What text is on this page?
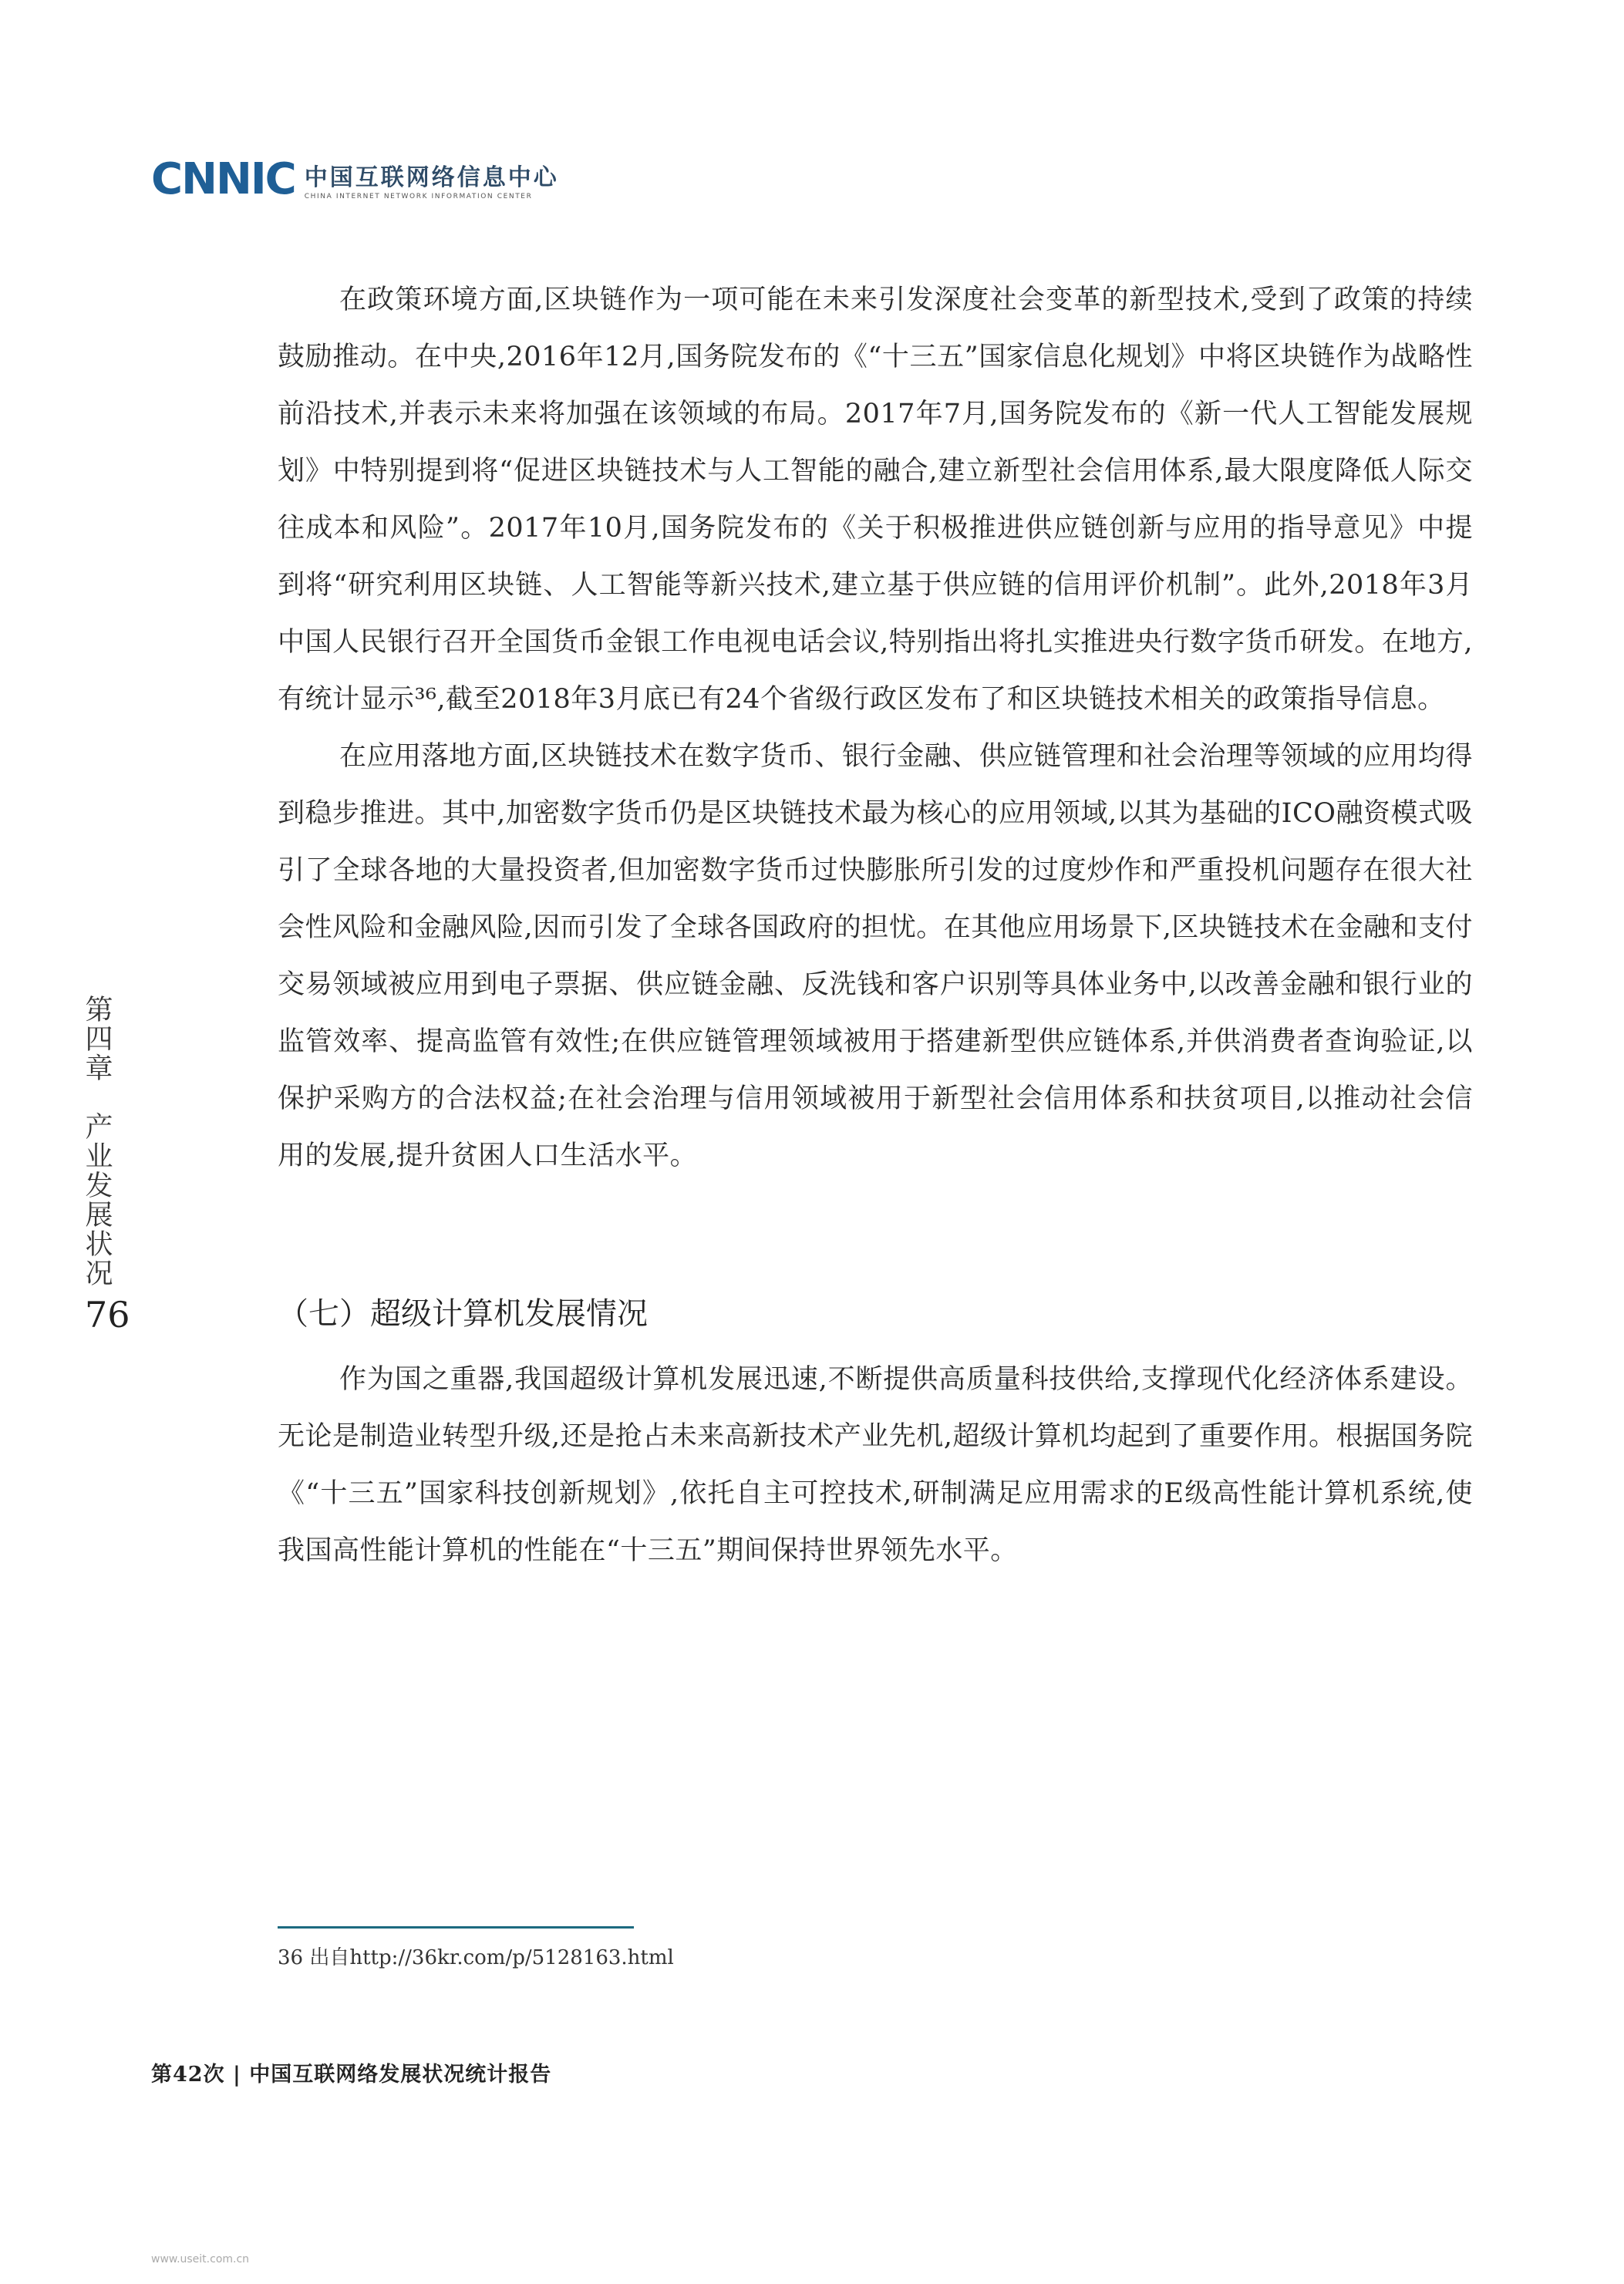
CNNIC 中国互联网络信息中心
CHINA INTERNET NETWORK INFORMATION CENTER

在政策环境方面,区块链作为一项可能在未来引发深度社会变革的新型技术,受到了政策的持续鼓励推动。在中央,2016年12月,国务院发布的《“十三五”国家信息化规划》中将区块链作为战略性前沿技术,并表示未来将加强在该领域的布局。2017年7月,国务院发布的《新一代人工智能发展规划》中特别提到将“促进区块链技术与人工智能的融合,建立新型社会信用体系,最大限度降低人际交往成本和风险”。2017年10月,国务院发布的《关于积极推进供应链创新与应用的指导意见》中提到将“研究利用区块链、人工智能等新兴技术,建立基于供应链的信用评价机制”。此外,2018年3月中国人民银行召开全国货币金银工作电视电话会议,特别指出将扎实推进央行数字货币研发。在地方,有统计显示³⁶,截至2018年3月底已有24个省级行政区发布了和区块链技术相关的政策指导信息。

在应用落地方面,区块链技术在数字货币、银行金融、供应链管理和社会治理等领域的应用均得到稳步推进。其中,加密数字货币仍是区块链技术最为核心的应用领域,以其为基础的ICO融资模式吸引了全球各地的大量投资者,但加密数字货币过快膨胀所引发的过度炒作和严重投机问题存在很大社会性风险和金融风险,因而引发了全球各国政府的担忧。在其他应用场景下,区块链技术在金融和支付交易领域被应用到电子票据、供应链金融、反洗钱和客户识别等具体业务中,以改善金融和银行业的监管效率、提高监管有效性;在供应链管理领域被用于搭建新型供应链体系,并供消费者查询验证,以保护采购方的合法权益;在社会治理与信用领域被用于新型社会信用体系和扶贫项目,以推动社会信用的发展,提升贫困人口生活水平。

（七）超级计算机发展情况

作为国之重器,我国超级计算机发展迅速,不断提供高质量科技供给,支撑现代化经济体系建设。无论是制造业转型升级,还是抢占未来高新技术产业先机,超级计算机均起到了重要作用。根据国务院《“十三五”国家科技创新规划》,依托自主可控技术,研制满足应用需求的E级高性能计算机系统,使我国高性能计算机的性能在“十三五”期间保持世界领先水平。

第四章　产业发展状况
76

36 出自http://36kr.com/p/5128163.html

第42次 | 中国互联网络发展状况统计报告
www.useit.com.cn
